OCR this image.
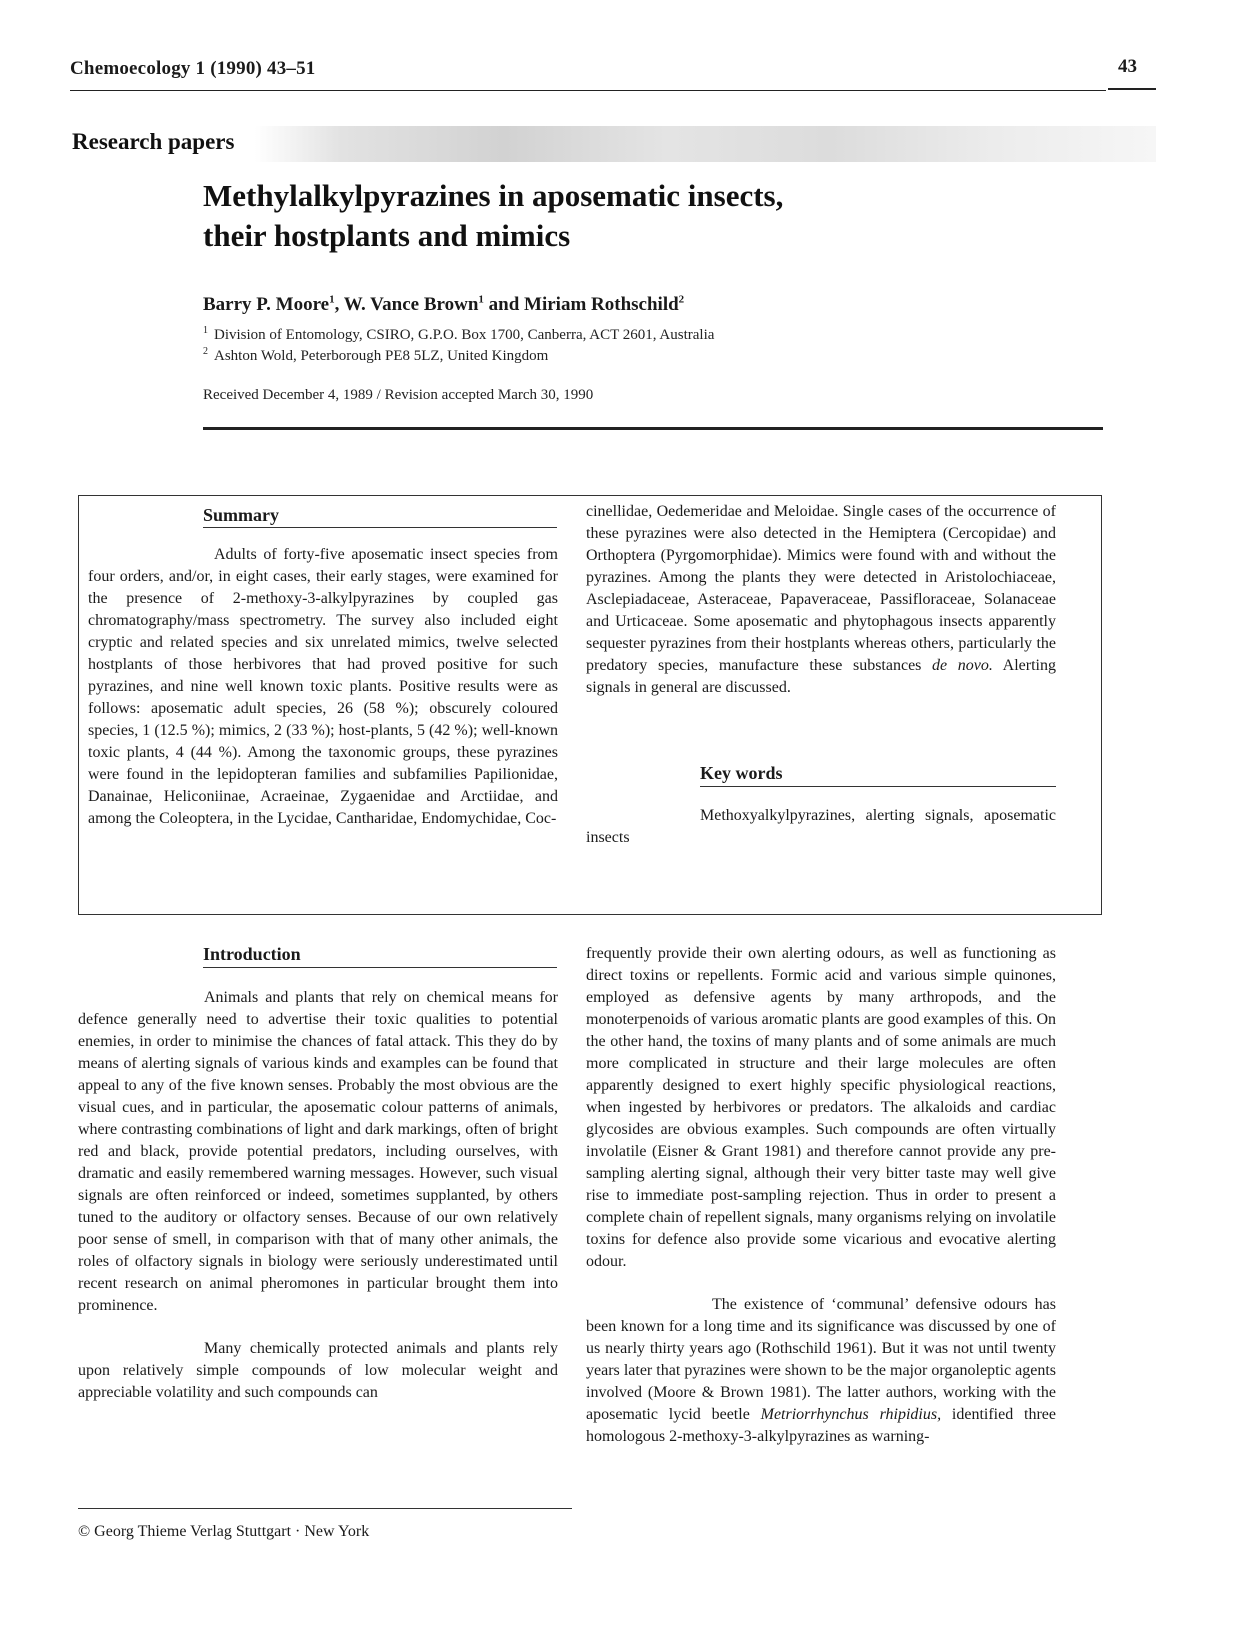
Chemoecology 1 (1990) 43–51	43
Research papers
Methylalkylpyrazines in aposematic insects,
their hostplants and mimics
Barry P. Moore$^1$, W. Vance Brown$^1$ and Miriam Rothschild$^2$
$^1$ Division of Entomology, CSIRO, G.P.O. Box 1700, Canberra, ACT 2601, Australia
$^2$ Ashton Wold, Peterborough PE8 5LZ, United Kingdom
Received December 4, 1989 / Revision accepted March 30, 1990
Summary

Adults of forty-five aposematic insect species from four orders, and/or, in eight cases, their early stages, were examined for the presence of 2-methoxy-3-alkylpyrazines by coupled gas chromatography/mass spectrometry. The survey also included eight cryptic and related species and six unrelated mimics, twelve selected hostplants of those herbivores that had proved positive for such pyrazines, and nine well known toxic plants. Positive results were as follows: aposematic adult species, 26 (58 %); obscurely coloured species, 1 (12.5 %); mimics, 2 (33 %); host-plants, 5 (42 %); well-known toxic plants, 4 (44 %). Among the taxonomic groups, these pyrazines were found in the lepidopteran families and subfamilies Papilionidae, Danainae, Heliconiinae, Acraeinae, Zygaenidae and Arctiidae, and among the Coleoptera, in the Lycidae, Cantharidae, Endomychidae, Coc-

cinellidae, Oedemeridae and Meloidae. Single cases of the occurrence of these pyrazines were also detected in the Hemiptera (Cercopidae) and Orthoptera (Pyrgomorphidae). Mimics were found with and without the pyrazines. Among the plants they were detected in Aristolochiaceae, Asclepiadaceae, Asteraceae, Papaveraceae, Passifloraceae, Solanaceae and Urticaceae. Some aposematic and phytophagous insects apparently sequester pyrazines from their hostplants whereas others, particularly the predatory species, manufacture these substances de novo. Alerting signals in general are discussed.

Key words

Methoxyalkylpyrazines, alerting signals, aposematic insects

Introduction

Animals and plants that rely on chemical means for defence generally need to advertise their toxic qualities to potential enemies, in order to minimise the chances of fatal attack. This they do by means of alerting signals of various kinds and examples can be found that appeal to any of the five known senses. Probably the most obvious are the visual cues, and in particular, the aposematic colour patterns of animals, where contrasting combinations of light and dark markings, often of bright red and black, provide potential predators, including ourselves, with dramatic and easily remembered warning messages. However, such visual signals are often reinforced or indeed, sometimes supplanted, by others tuned to the auditory or olfactory senses. Because of our own relatively poor sense of smell, in comparison with that of many other animals, the roles of olfactory signals in biology were seriously underestimated until recent research on animal pheromones in particular brought them into prominence.

Many chemically protected animals and plants rely upon relatively simple compounds of low molecular weight and appreciable volatility and such compounds can

frequently provide their own alerting odours, as well as functioning as direct toxins or repellents. Formic acid and various simple quinones, employed as defensive agents by many arthropods, and the monoterpenoids of various aromatic plants are good examples of this. On the other hand, the toxins of many plants and of some animals are much more complicated in structure and their large molecules are often apparently designed to exert highly specific physiological reactions, when ingested by herbivores or predators. The alkaloids and cardiac glycosides are obvious examples. Such compounds are often virtually involatile (Eisner & Grant 1981) and therefore cannot provide any pre-sampling alerting signal, although their very bitter taste may well give rise to immediate post-sampling rejection. Thus in order to present a complete chain of repellent signals, many organisms relying on involatile toxins for defence also provide some vicarious and evocative alerting odour.

The existence of ‘communal’ defensive odours has been known for a long time and its significance was discussed by one of us nearly thirty years ago (Rothschild 1961). But it was not until twenty years later that pyrazines were shown to be the major organoleptic agents involved (Moore & Brown 1981). The latter authors, working with the aposematic lycid beetle Metriorrhynchus rhipidius, identified three homologous 2-methoxy-3-alkylpyrazines as warning-

© Georg Thieme Verlag Stuttgart · New York
